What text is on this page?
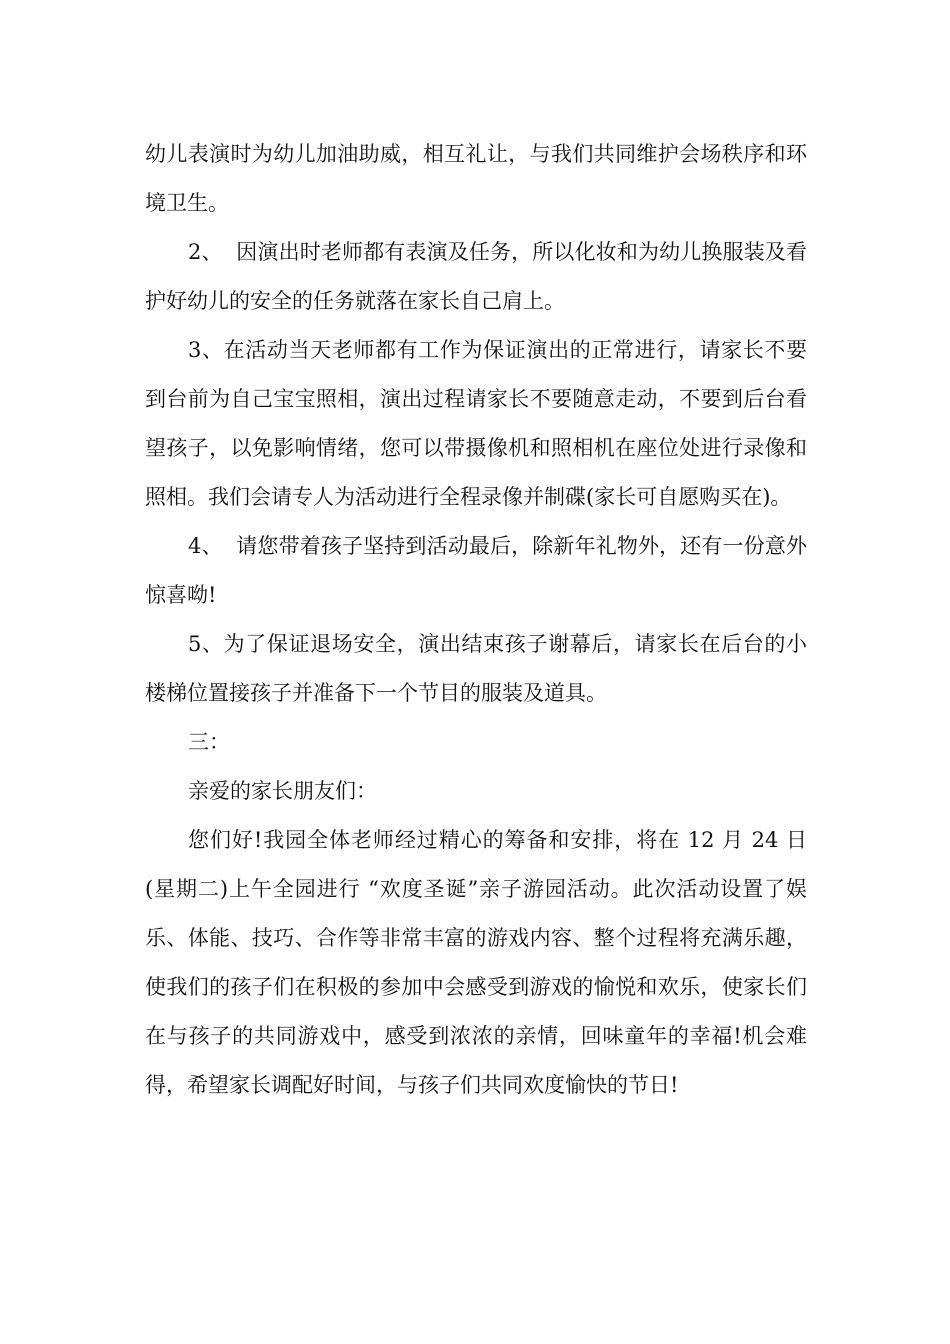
幼儿表演时为幼儿加油助威，相互礼让，与我们共同维护会场秩序和环境卫生。

2、  因演出时老师都有表演及任务，所以化妆和为幼儿换服装及看护好幼儿的安全的任务就落在家长自己肩上。

3、在活动当天老师都有工作为保证演出的正常进行，请家长不要到台前为自己宝宝照相，演出过程请家长不要随意走动，不要到后台看望孩子，以免影响情绪，您可以带摄像机和照相机在座位处进行录像和照相。我们会请专人为活动进行全程录像并制碟(家长可自愿购买在)。

4、  请您带着孩子坚持到活动最后，除新年礼物外，还有一份意外惊喜呦!

5、为了保证退场安全，演出结束孩子谢幕后，请家长在后台的小楼梯位置接孩子并准备下一个节目的服装及道具。

三：

亲爱的家长朋友们：

您们好!我园全体老师经过精心的筹备和安排，将在 12 月 24 日(星期二)上午全园进行 “欢度圣诞”亲子游园活动。此次活动设置了娱乐、体能、技巧、合作等非常丰富的游戏内容、整个过程将充满乐趣，使我们的孩子们在积极的参加中会感受到游戏的愉悦和欢乐，使家长们在与孩子的共同游戏中，感受到浓浓的亲情，回味童年的幸福!机会难得，希望家长调配好时间，与孩子们共同欢度愉快的节日!
